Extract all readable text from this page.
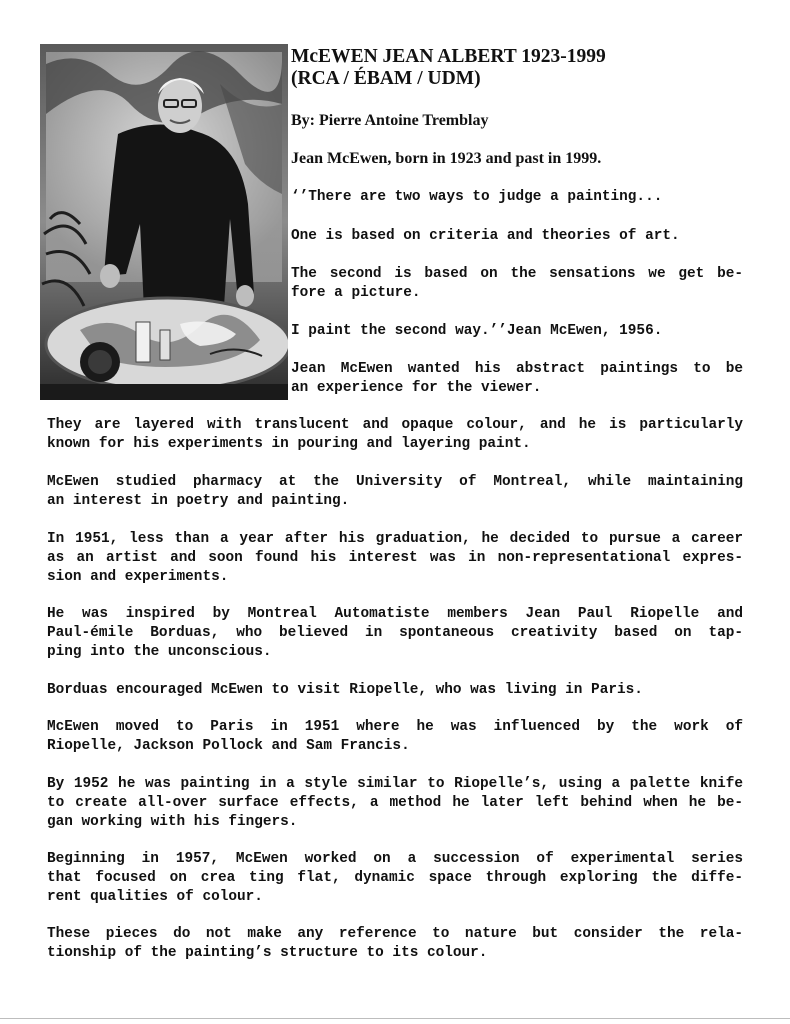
McEWEN JEAN ALBERT 1923-1999
(RCA / ÉBAM / UDM)

By: Pierre Antoine Tremblay

Jean McEwen, born in 1923 and past in 1999.

‘’There are two ways to judge a painting...

One is based on criteria and theories of art.

The second is based on the sensations we get be-

fore a picture.

I paint the second way.’’Jean McEwen, 1956.

Jean McEwen wanted his abstract paintings to be

an experience for the viewer.

They are layered with translucent and opaque colour, and he is particularly

known for his experiments in pouring and layering paint.

McEwen studied pharmacy at the University of Montreal, while maintaining

an interest in poetry and painting.

In 1951, less than a year after his graduation, he decided to pursue a career

as an artist and soon found his interest was in non-representational expres-

sion and experiments.

He was inspired by Montreal Automatiste members Jean Paul Riopelle and

Paul-émile Borduas, who believed in spontaneous creativity based on tap-

ping into the unconscious.

Borduas encouraged McEwen to visit Riopelle, who was living in Paris.

McEwen moved to Paris in 1951 where he was influenced by the work of

Riopelle, Jackson Pollock and Sam Francis.

By 1952 he was painting in a style similar to Riopelle’s, using a palette knife

to create all-over surface effects, a method he later left behind when he be-

gan working with his fingers.

Beginning in 1957, McEwen worked on a succession of experimental series

that focused on crea ting flat, dynamic space through exploring the diffe-

rent qualities of colour.

These pieces do not make any reference to nature but consider the rela-

tionship of the painting’s structure to its colour.
